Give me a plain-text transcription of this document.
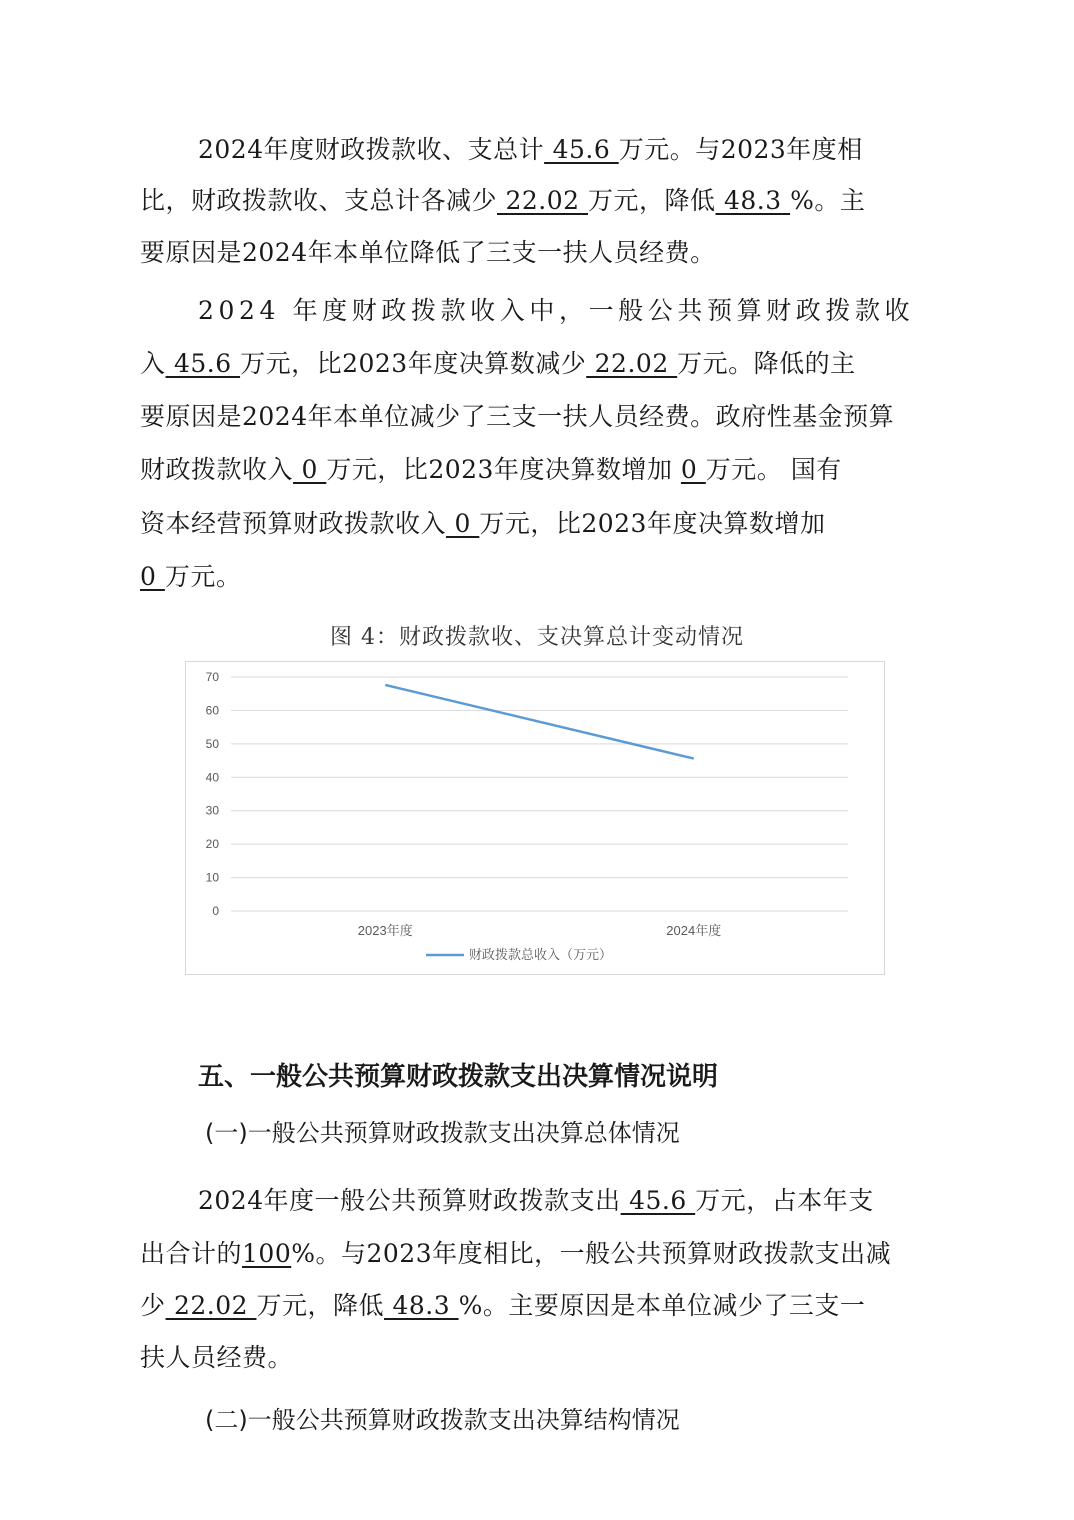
2024年度财政拨款收、支总计 45.6 万元。与2023年度相
比，财政拨款收、支总计各减少 22.02 万元，降低 48.3 %。主
要原因是2024年本单位降低了三支一扶人员经费。
2024 年度财政拨款收入中，一般公共预算财政拨款收
入 45.6 万元，比2023年度决算数减少 22.02 万元。降低的主
要原因是2024年本单位减少了三支一扶人员经费。政府性基金预算
财政拨款收入 0 万元，比2023年度决算数增加 0 万元。 国有
资本经营预算财政拨款收入 0 万元，比2023年度决算数增加
0 万元。
图 4：财政拨款收、支决算总计变动情况
0
10
20
30
40
50
60
70
2023年度	2024年度
财政拨款总收入（万元）
五、一般公共预算财政拨款支出决算情况说明
(一)一般公共预算财政拨款支出决算总体情况
2024年度一般公共预算财政拨款支出 45.6 万元，占本年支
出合计的100%。与2023年度相比，一般公共预算财政拨款支出减
少 22.02 万元，降低 48.3 %。主要原因是本单位减少了三支一
扶人员经费。
(二)一般公共预算财政拨款支出决算结构情况
